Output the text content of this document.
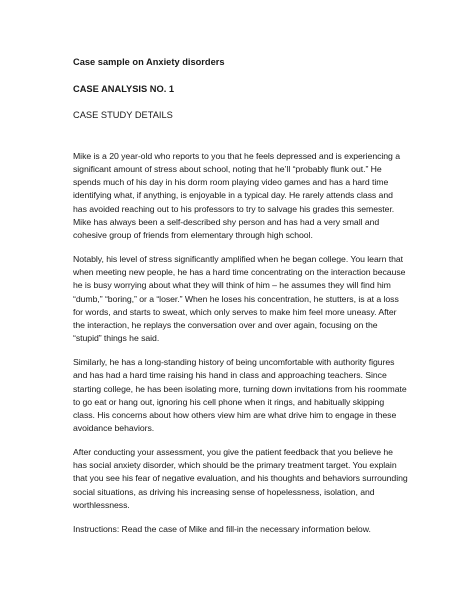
Case sample on Anxiety disorders
CASE ANALYSIS NO. 1
CASE STUDY DETAILS

Mike is a 20 year-old who reports to you that he feels depressed and is experiencing a significant amount of stress about school, noting that he’ll “probably flunk out.” He spends much of his day in his dorm room playing video games and has a hard time identifying what, if anything, is enjoyable in a typical day. He rarely attends class and has avoided reaching out to his professors to try to salvage his grades this semester. Mike has always been a self-described shy person and has had a very small and cohesive group of friends from elementary through high school.

Notably, his level of stress significantly amplified when he began college. You learn that when meeting new people, he has a hard time concentrating on the interaction because he is busy worrying about what they will think of him – he assumes they will find him “dumb,” “boring,” or a “loser.” When he loses his concentration, he stutters, is at a loss for words, and starts to sweat, which only serves to make him feel more uneasy. After the interaction, he replays the conversation over and over again, focusing on the “stupid” things he said.

Similarly, he has a long-standing history of being uncomfortable with authority figures and has had a hard time raising his hand in class and approaching teachers. Since starting college, he has been isolating more, turning down invitations from his roommate to go eat or hang out, ignoring his cell phone when it rings, and habitually skipping class. His concerns about how others view him are what drive him to engage in these avoidance behaviors.

After conducting your assessment, you give the patient feedback that you believe he has social anxiety disorder, which should be the primary treatment target. You explain that you see his fear of negative evaluation, and his thoughts and behaviors surrounding social situations, as driving his increasing sense of hopelessness, isolation, and worthlessness.

Instructions: Read the case of Mike and fill-in the necessary information below.
